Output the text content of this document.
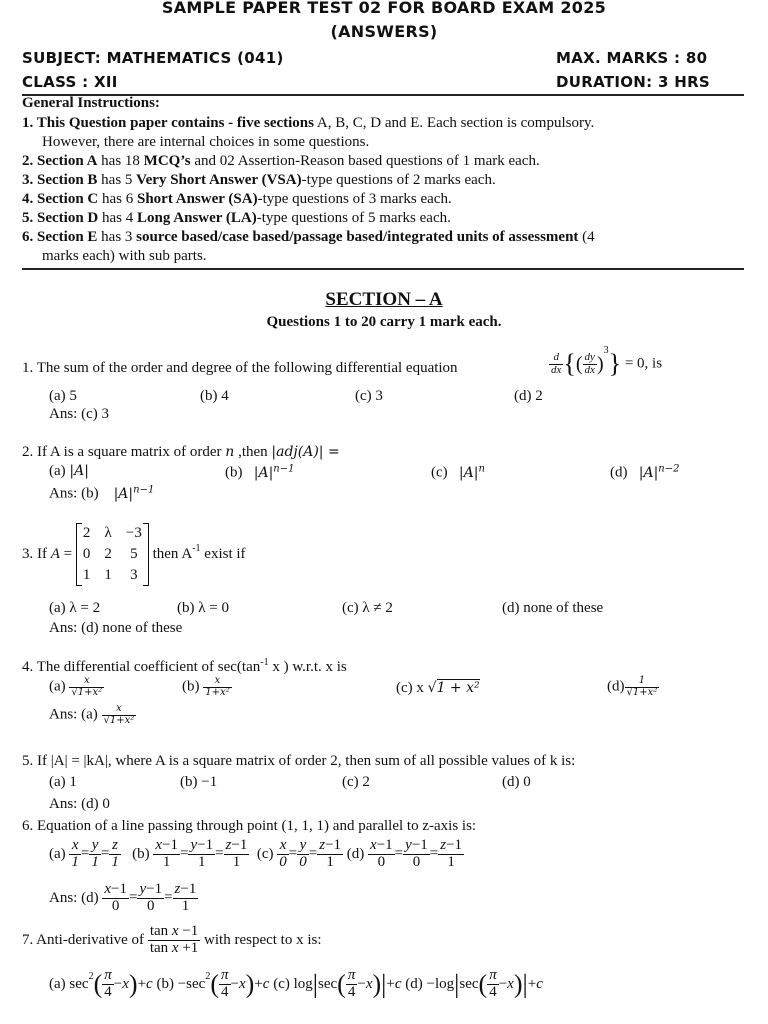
SAMPLE PAPER TEST 02 FOR BOARD EXAM 2025
(ANSWERS)
SUBJECT: MATHEMATICS (041)	MAX. MARKS : 80
CLASS : XII	DURATION: 3 HRS
General Instructions:
1. This Question paper contains - five sections A, B, C, D and E. Each section is compulsory.
However, there are internal choices in some questions.
2. Section A has 18 MCQ’s and 02 Assertion-Reason based questions of 1 mark each.
3. Section B has 5 Very Short Answer (VSA)-type questions of 2 marks each.
4. Section C has 6 Short Answer (SA)-type questions of 3 marks each.
5. Section D has 4 Long Answer (LA)-type questions of 5 marks each.
6. Section E has 3 source based/case based/passage based/integrated units of assessment (4
marks each) with sub parts.
SECTION – A
Questions 1 to 20 carry 1 mark each.
1. The sum of the order and degree of the following differential equation	$\frac{d}{dx}$ {( $\frac{dy}{dx} )^3\} = 0$, is
(a) 5	(b) 4	(c) 3	(d) 2
Ans: (c) 3
2. If A is a square matrix of order n ,then |adj(A)| =
(a) |A|	(b) $|A|^{n-1}$	(c) $|A|^n$	(d) $|A|^{n-2}$
Ans: (b) $|A|^{n-1}$
3. If A =
2	λ	−3
0	2	5
1	1	3
then $A^{-1}$ exist if
(a) λ = 2	(b) λ = 0	(c) λ ≠ 2	(d) none of these
Ans: (d) none of these
4. The differential coefficient of $\sec(\tan^{-1}$ x ) w.r.t. x is
$(a) \frac{x}{\text{√1+x²}}$	$(b) \frac{x}{\text{1+x²}}$	(c) x √1 + x²	$(d) \frac{1}{\text{√1+x²}}$
Ans: $(a) \frac{x}{\text{√1+x²}}$
5. If |A| = |kA|, where A is a square matrix of order 2, then sum of all possible values of k is:
(a) 1	(b) −1	(c) 2	(d) 0
Ans: (d) 0
6. Equation of a line passing through point (1, 1, 1) and parallel to z-axis is:
$(a) \frac{x}{1} = \frac{y}{1} = \frac{z}{1} (b) \frac{x-1}{1} = \frac{y-1}{1} = \frac{z-1}{1} (c) \frac{x}{0} = \frac{y}{0} = \frac{z-1}{1} (d) \frac{x-1}{0} = \frac{y-1}{0} = \frac{z-1}{1}$
Ans: $(d) \frac{x-1}{0} = \frac{y-1}{0} = \frac{z-1}{1}$
7. Anti-derivative of $\frac{\text{tan x −1}}{\text{tan x +1}}$ with respect to x is:
(a) $\sec^2( \frac{\pi}{4} -x)+c$ $(b) -\sec^2( \frac{\pi}{4} -x)+c$ (c) $\log|\sec( \frac{\pi}{4} -x)|+c$ $(d) -\log|\sec( \frac{\pi}{4} -x)|+c$
